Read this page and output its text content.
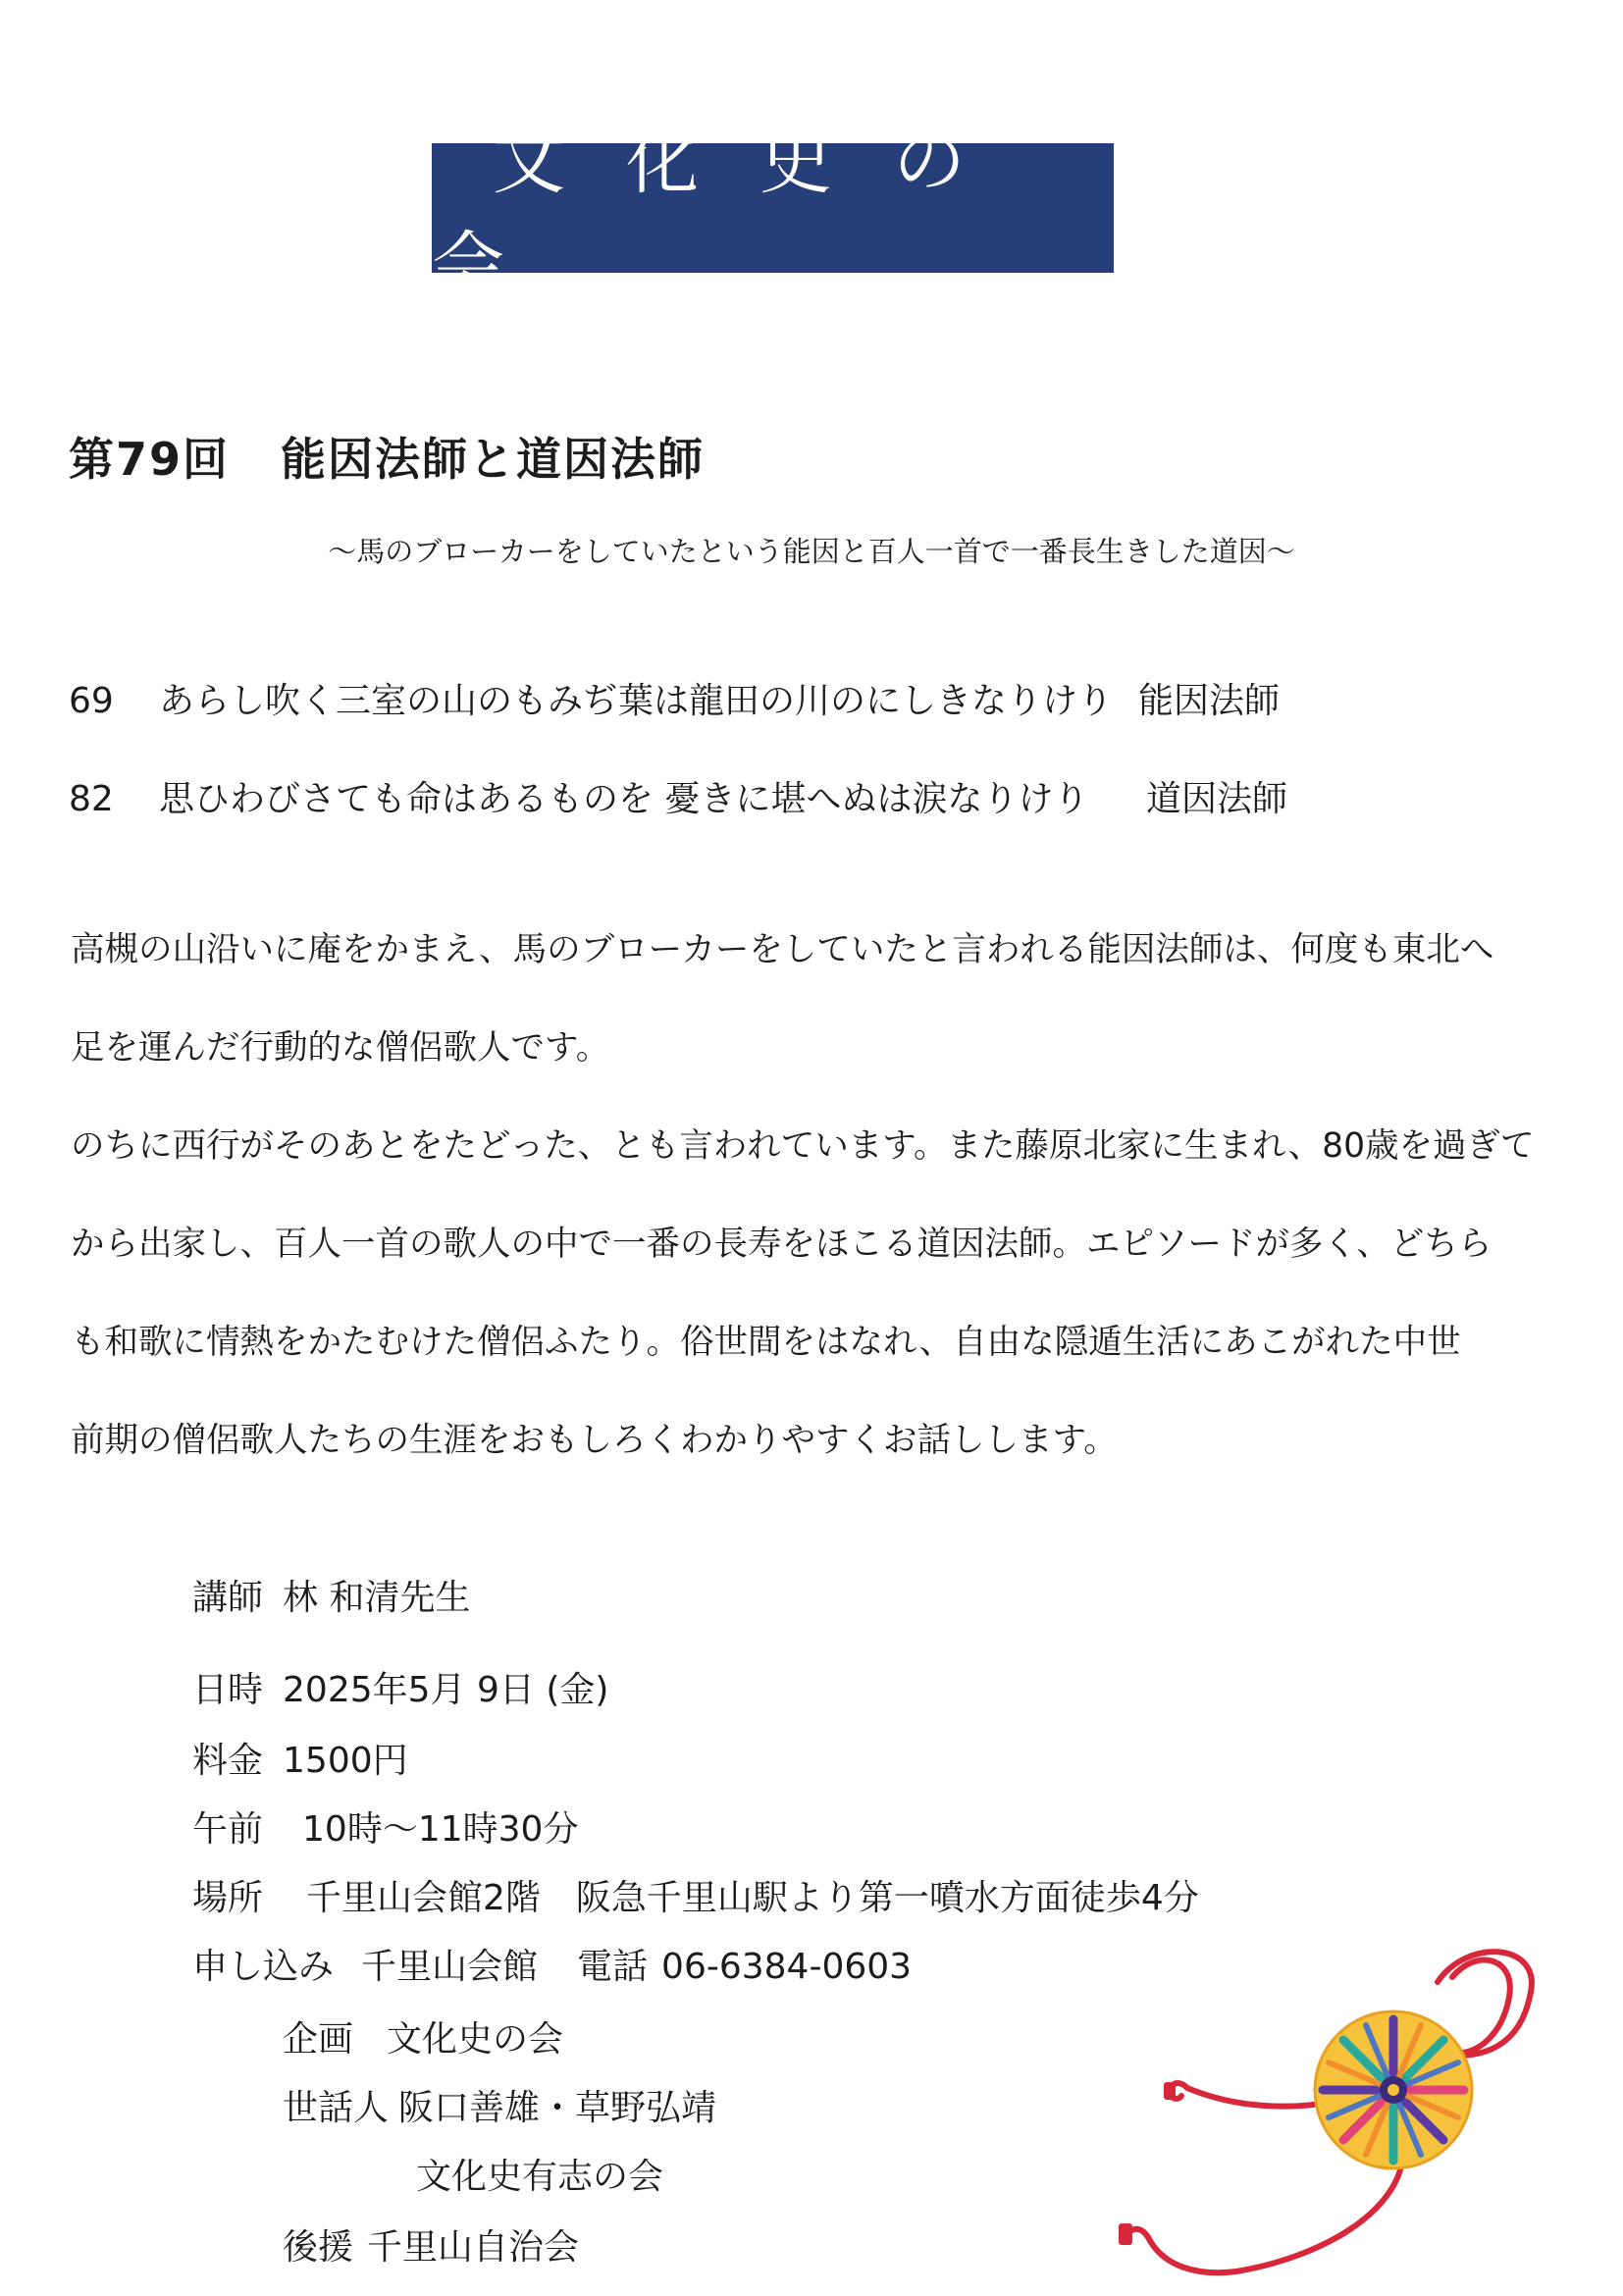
文化史の会
第79回 能因法師と道因法師
～馬のブローカーをしていたという能因と百人一首で一番長生きした道因～
69 あらし吹く三室の山のもみぢ葉は龍田の川のにしきなりけり 能因法師
82 思ひわびさても命はあるものを 憂きに堪へぬは涙なりけり 道因法師
高槻の山沿いに庵をかまえ、馬のブローカーをしていたと言われる能因法師は、何度も東北へ
足を運んだ行動的な僧侶歌人です。
のちに西行がそのあとをたどった、とも言われています。また藤原北家に生まれ、80歳を過ぎて
から出家し、百人一首の歌人の中で一番の長寿をほこる道因法師。エピソードが多く、どちら
も和歌に情熱をかたむけた僧侶ふたり。俗世間をはなれ、自由な隠遁生活にあこがれた中世
前期の僧侶歌人たちの生涯をおもしろくわかりやすくお話しします。
講師 林 和清先生
日時 2025年5月 9日 (金)
料金 1500円
午前 10時～11時30分
場所 千里山会館2階 阪急千里山駅より第一噴水方面徒歩4分
申し込み 千里山会館 電話 06-6384-0603
企画 文化史の会
世話人 阪口善雄・草野弘靖
文化史有志の会
後援 千里山自治会
